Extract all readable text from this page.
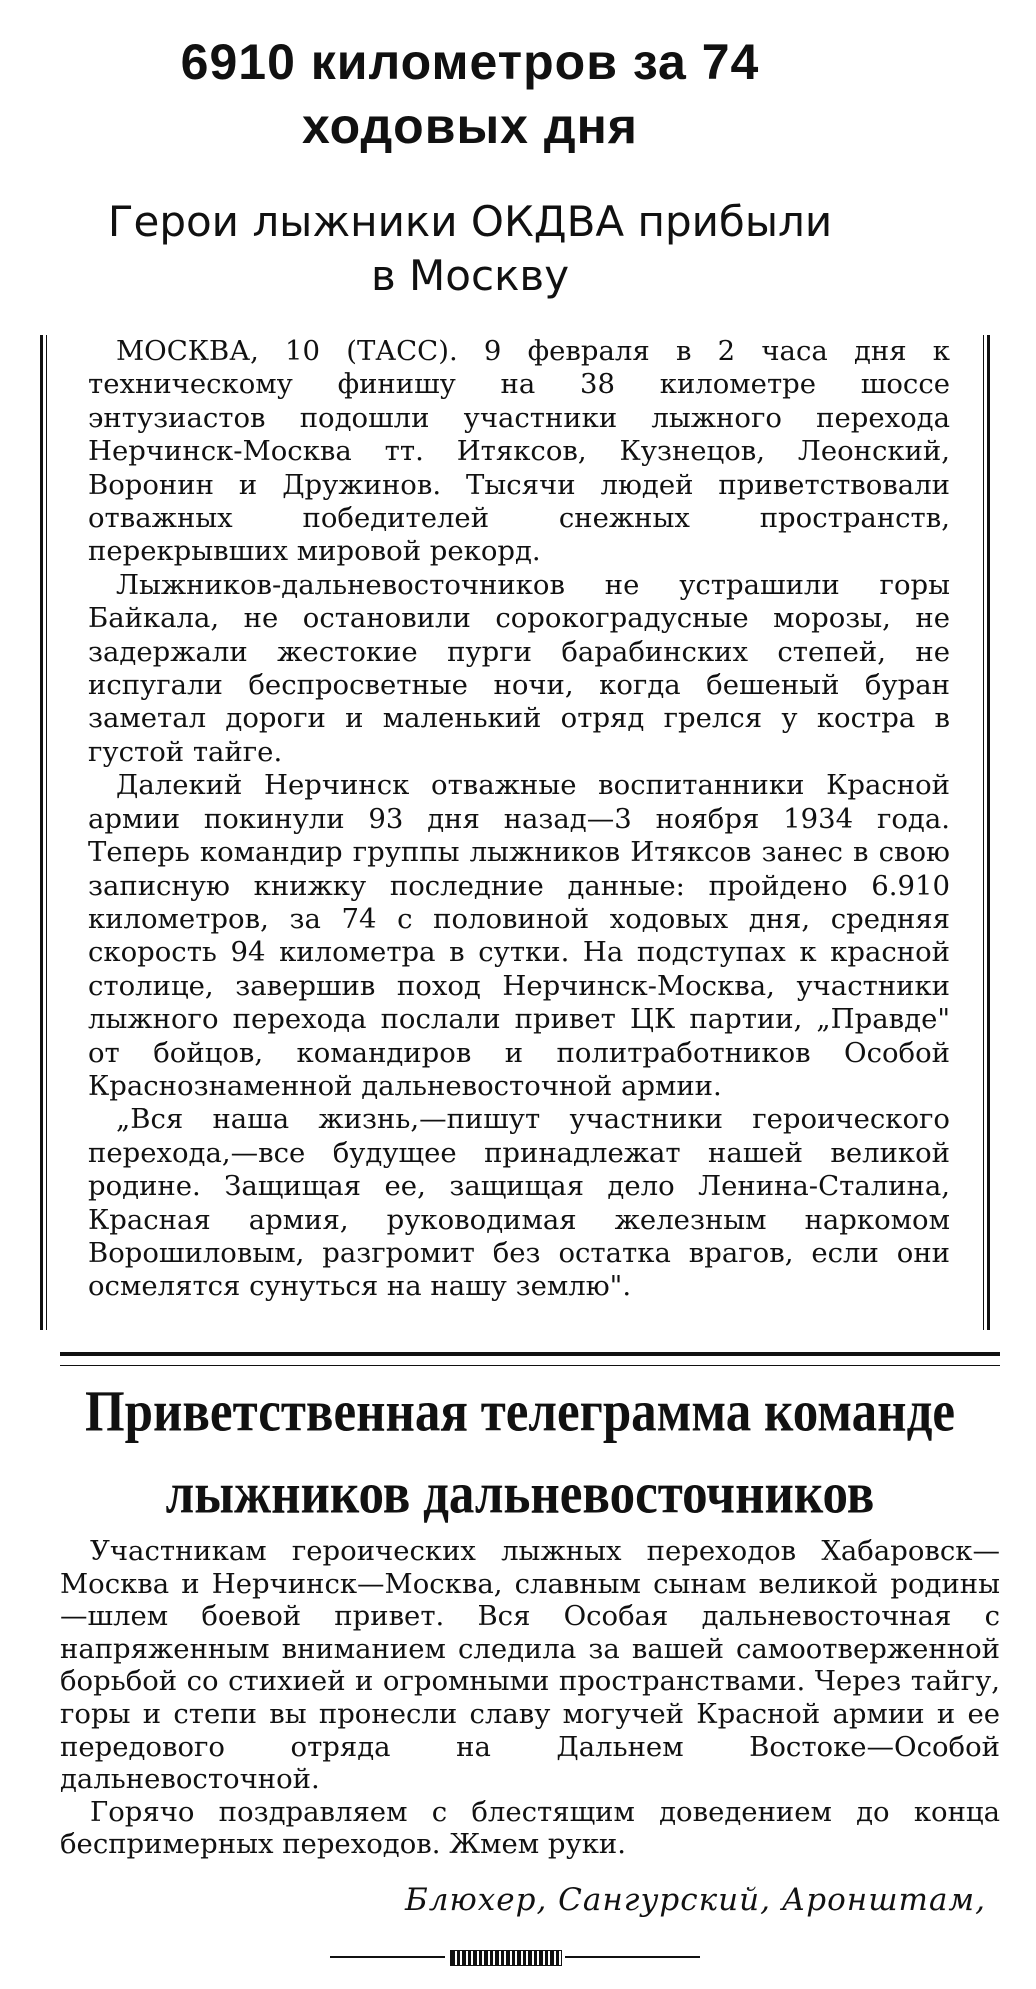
6910 километров за 74
ходовых дня
Герои лыжники ОКДВА прибыли
в Москву

МОСКВА, 10 (ТАСС). 9 февраля в 2 часа дня к техническому финишу на 38 километре шоссе энтузиастов подошли участники лыжного перехода Нерчинск-Москва тт. Итяксов, Кузнецов, Леонский, Воронин и Дружинов. Тысячи людей приветствовали отважных победителей снежных пространств, перекрывших мировой рекорд.

Лыжников-дальневосточников не устрашили горы Байкала, не остановили сорокоградусные морозы, не задержали жестокие пурги барабинских степей, не испугали беспросветные ночи, когда бешеный буран заметал дороги и маленький отряд грелся у костра в густой тайге.

Далекий Нерчинск отважные воспитанники Красной армии покинули 93 дня назад—3 ноября 1934 года. Теперь командир группы лыжников Итяксов занес в свою записную книжку последние данные: пройдено 6.910 километров, за 74 с половиной ходовых дня, средняя скорость 94 километра в сутки. На подступах к красной столице, завершив поход Нерчинск-Москва, участники лыжного перехода послали привет ЦК партии, „Правде" от бойцов, командиров и политработников Особой Краснознаменной дальневосточной армии.

„Вся наша жизнь,—пишут участники героического перехода,—все будущее принадлежат нашей великой родине. Защищая ее, защищая дело Ленина-Сталина, Красная армия, руководимая железным наркомом Ворошиловым, разгромит без остатка врагов, если они осмелятся сунуться на нашу землю".

Приветственная телеграмма команде
лыжников дальневосточников

Участникам героических лыжных переходов Хабаровск—Москва и Нерчинск—Москва, славным сынам великой родины—шлем боевой привет. Вся Особая дальневосточная с напряженным вниманием следила за вашей самоотверженной борьбой со стихией и огромными пространствами. Через тайгу, горы и степи вы пронесли славу могучей Красной армии и ее передового отряда на Дальнем Востоке—Особой дальневосточной.

Горячо поздравляем с блестящим доведением до конца беспримерных переходов. Жмем руки.

Блюхер, Сангурский, Аронштам,
